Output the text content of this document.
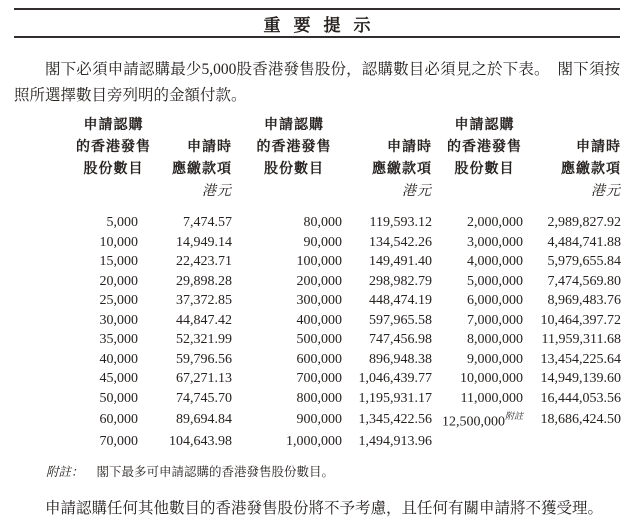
重要提示

閣下必須申請認購最少5,000股香港發售股份，認購數目必須見之於下表。　閣下須按照所選擇數目旁列明的金額付款。

申請認購
的香港發售
股份數目

申請時
應繳款項
港元

申請認購
的香港發售
股份數目

申請時
應繳款項
港元

申請認購
的香港發售
股份數目

申請時
應繳款項
港元

5,000	7,474.57	80,000	119,593.12	2,000,000	2,989,827.92
10,000	14,949.14	90,000	134,542.26	3,000,000	4,484,741.88
15,000	22,423.71	100,000	149,491.40	4,000,000	5,979,655.84
20,000	29,898.28	200,000	298,982.79	5,000,000	7,474,569.80
25,000	37,372.85	300,000	448,474.19	6,000,000	8,969,483.76
30,000	44,847.42	400,000	597,965.58	7,000,000	10,464,397.72
35,000	52,321.99	500,000	747,456.98	8,000,000	11,959,311.68
40,000	59,796.56	600,000	896,948.38	9,000,000	13,454,225.64
45,000	67,271.13	700,000	1,046,439.77	10,000,000	14,949,139.60
50,000	74,745.70	800,000	1,195,931.17	11,000,000	16,444,053.56
60,000	89,694.84	900,000	1,345,422.56	12,500,000$^{附註}$	18,686,424.50
70,000	104,643.98	1,000,000	1,494,913.96		
附註： 閣下最多可申請認購的香港發售股份數目。

申請認購任何其他數目的香港發售股份將不予考慮，且任何有關申請將不獲受理。
